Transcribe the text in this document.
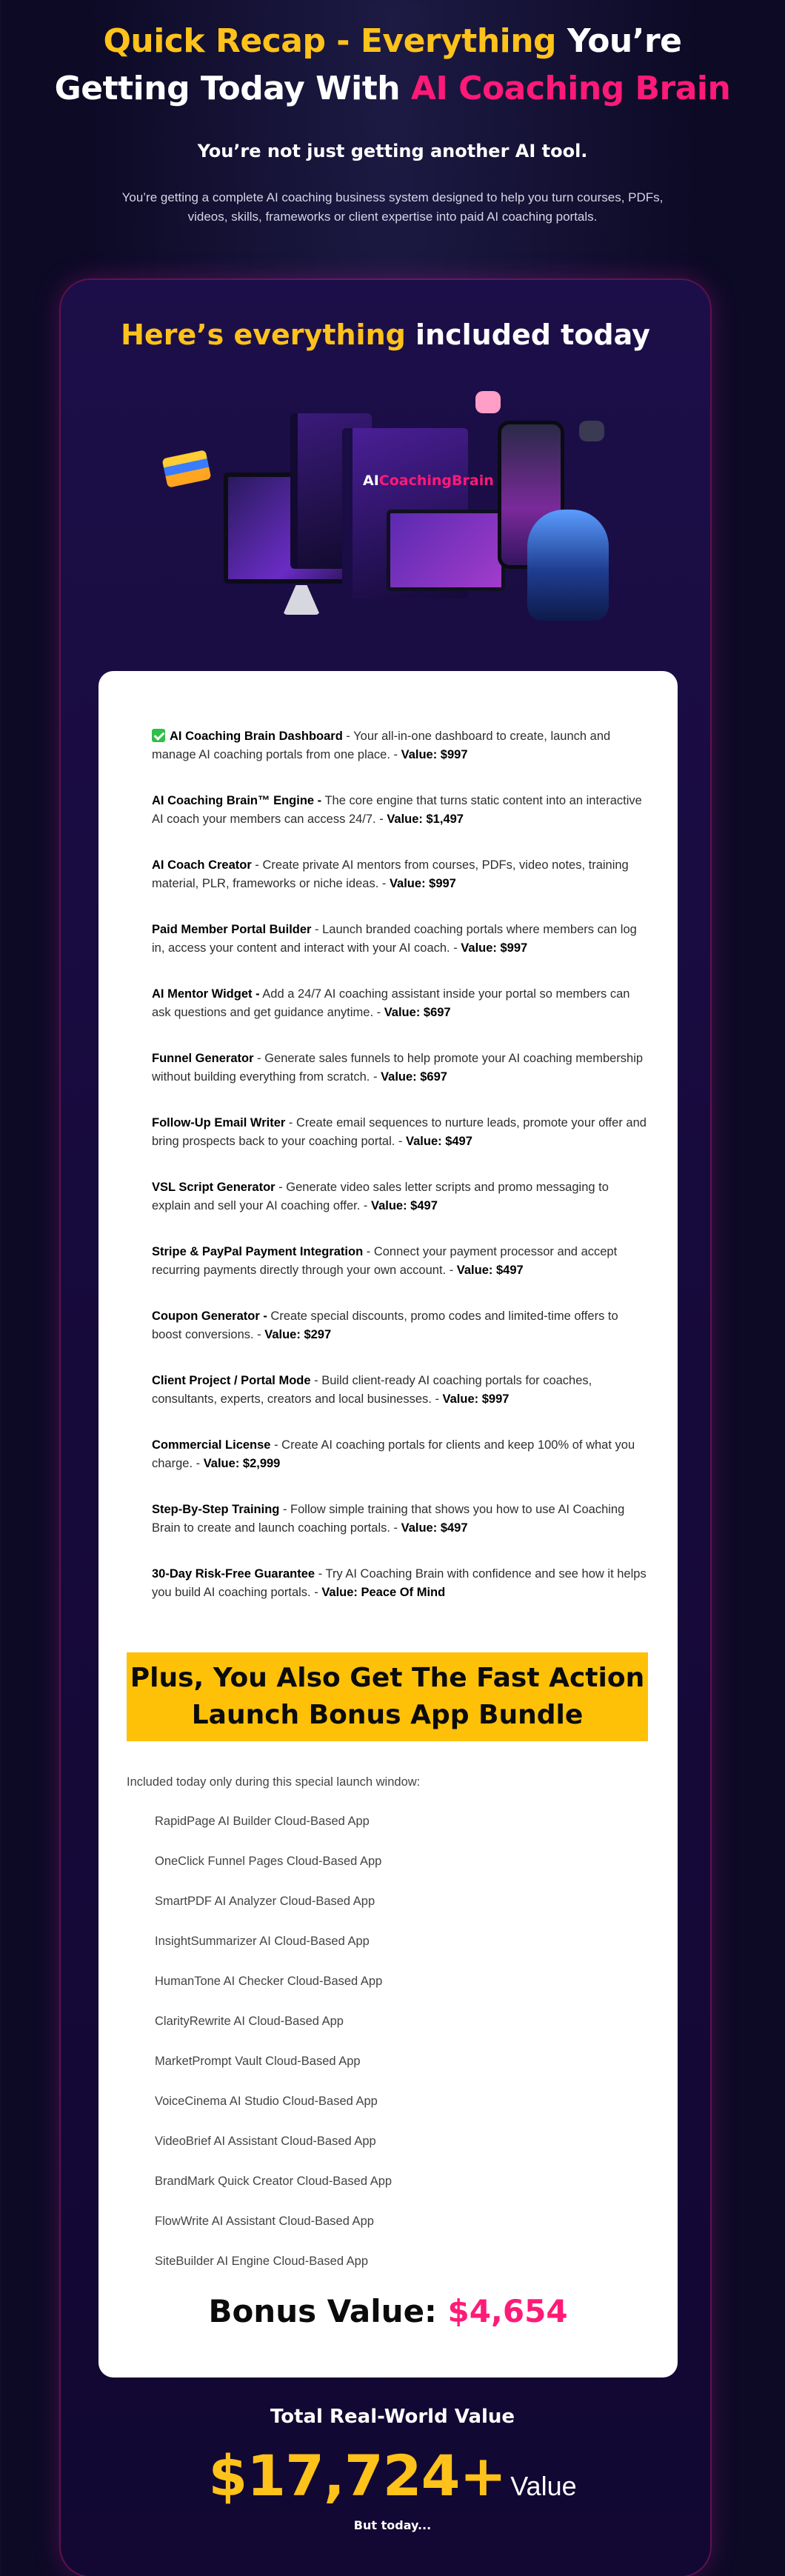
Quick Recap - Everything You’re
Getting Today With AI Coaching Brain

You’re not just getting another AI tool.

You’re getting a complete AI coaching business system designed to help you turn courses, PDFs, videos, skills, frameworks or client expertise into paid AI coaching portals.

Here’s everything included today
AICoachingBrain

AI Coaching Brain Dashboard - Your all-in-one dashboard to create, launch and manage AI coaching portals from one place. - Value: $997

AI Coaching Brain™ Engine - The core engine that turns static content into an interactive AI coach your members can access 24/7. - Value: $1,497

AI Coach Creator - Create private AI mentors from courses, PDFs, video notes, training material, PLR, frameworks or niche ideas. - Value: $997

Paid Member Portal Builder - Launch branded coaching portals where members can log in, access your content and interact with your AI coach. - Value: $997

AI Mentor Widget - Add a 24/7 AI coaching assistant inside your portal so members can ask questions and get guidance anytime. - Value: $697

Funnel Generator - Generate sales funnels to help promote your AI coaching membership without building everything from scratch. - Value: $697

Follow-Up Email Writer - Create email sequences to nurture leads, promote your offer and bring prospects back to your coaching portal. - Value: $497

VSL Script Generator - Generate video sales letter scripts and promo messaging to explain and sell your AI coaching offer. - Value: $497

Stripe & PayPal Payment Integration - Connect your payment processor and accept recurring payments directly through your own account. - Value: $497

Coupon Generator - Create special discounts, promo codes and limited-time offers to boost conversions. - Value: $297

Client Project / Portal Mode - Build client-ready AI coaching portals for coaches, consultants, experts, creators and local businesses. - Value: $997

Commercial License - Create AI coaching portals for clients and keep 100% of what you charge. - Value: $2,999

Step-By-Step Training - Follow simple training that shows you how to use AI Coaching Brain to create and launch coaching portals. - Value: $497

30-Day Risk-Free Guarantee - Try AI Coaching Brain with confidence and see how it helps you build AI coaching portals. - Value: Peace Of Mind

Plus, You Also Get The Fast Action
Launch Bonus App Bundle

Included today only during this special launch window:

RapidPage AI Builder Cloud-Based App
OneClick Funnel Pages Cloud-Based App
SmartPDF AI Analyzer Cloud-Based App
InsightSummarizer AI Cloud-Based App
HumanTone AI Checker Cloud-Based App
ClarityRewrite AI Cloud-Based App
MarketPrompt Vault Cloud-Based App
VoiceCinema AI Studio Cloud-Based App
VideoBrief AI Assistant Cloud-Based App
BrandMark Quick Creator Cloud-Based App
FlowWrite AI Assistant Cloud-Based App
SiteBuilder AI Engine Cloud-Based App
Bonus Value: $4,654
Total Real-World Value
$17,724+ Value
But today...
